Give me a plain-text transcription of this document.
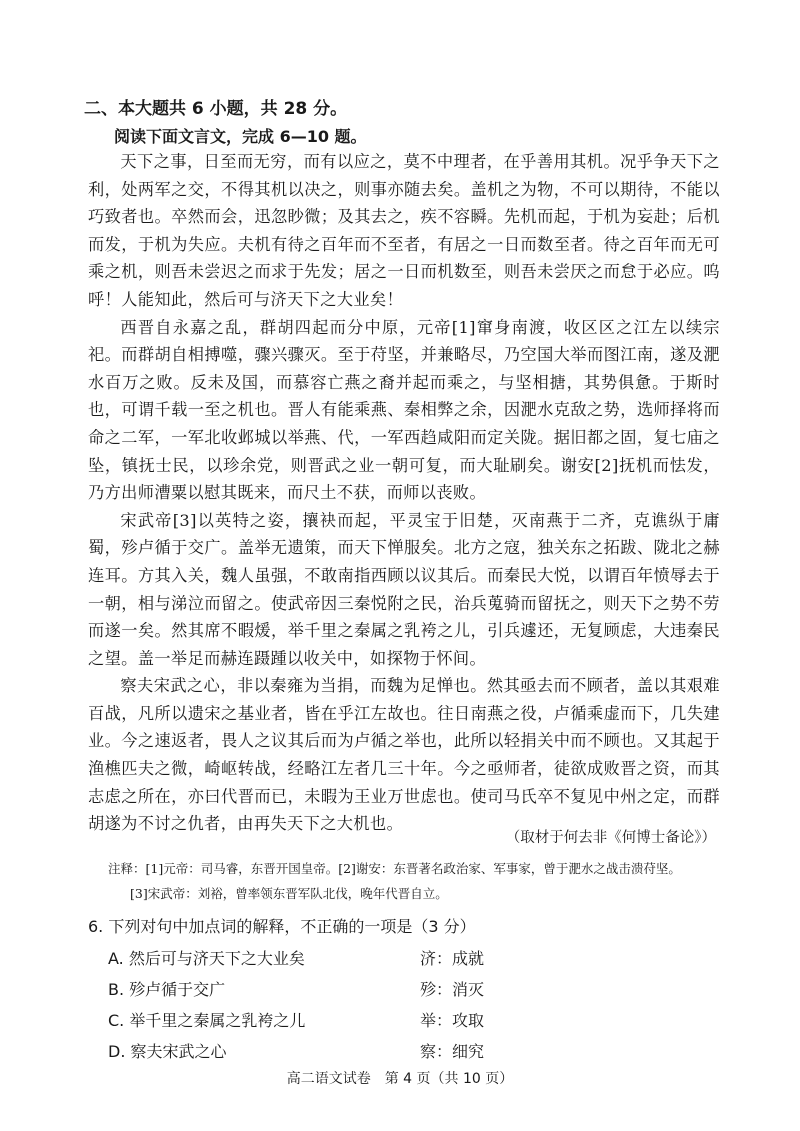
二、本大题共 6 小题，共 28 分。
阅读下面文言文，完成 6—10 题。

天下之事，日至而无穷，而有以应之，莫不中理者，在乎善用其机。况乎争天下之利，处两军之交，不得其机以决之，则事亦随去矣。盖机之为物，不可以期待，不能以巧致者也。卒然而会，迅忽眇微；及其去之，疾不容瞬。先机而起，于机为妄赴；后机而发，于机为失应。夫机有待之百年而不至者，有居之一日而数至者。待之百年而无可乘之机，则吾未尝迟之而求于先发；居之一日而机数至，则吾未尝厌之而怠于必应。呜呼！人能知此，然后可与济天下之大业矣！

西晋自永嘉之乱，群胡四起而分中原，元帝[1]窜身南渡，收区区之江左以续宗祀。而群胡自相搏噬，骤兴骤灭。至于苻坚，并兼略尽，乃空国大举而图江南，遂及淝水百万之败。反未及国，而慕容亡燕之裔并起而乘之，与坚相搪，其势俱惫。于斯时也，可谓千载一至之机也。晋人有能乘燕、秦相弊之余，因淝水克敌之势，选师择将而命之二军，一军北收邺城以举燕、代，一军西趋咸阳而定关陇。据旧都之固，复七庙之坠，镇抚士民，以珍余党，则晋武之业一朝可复，而大耻刷矣。谢安[2]抚机而怯发，乃方出师漕粟以慰其既来，而尺土不获，而师以丧败。

宋武帝[3]以英特之姿，攘袂而起，平灵宝于旧楚，灭南燕于二齐，克谯纵于庸蜀，殄卢循于交广。盖举无遗策，而天下惮服矣。北方之寇，独关东之拓跋、陇北之赫连耳。方其入关，魏人虽强，不敢南指西顾以议其后。而秦民大悦，以谓百年愤辱去于一朝，相与涕泣而留之。使武帝因三秦悦附之民，治兵蒐骑而留抚之，则天下之势不劳而遂一矣。然其席不暇煖，举千里之秦属之乳袴之儿，引兵遽还，无复顾虑，大违秦民之望。盖一举足而赫连蹑踵以收关中，如探物于怀间。

察夫宋武之心，非以秦雍为当捐，而魏为足惮也。然其亟去而不顾者，盖以其艰难百战，凡所以遗宋之基业者，皆在乎江左故也。往日南燕之役，卢循乘虚而下，几失建业。今之速返者，畏人之议其后而为卢循之举也，此所以轻捐关中而不顾也。又其起于渔樵匹夫之微，崎岖转战，经略江左者几三十年。今之亟师者，徒欲成败晋之资，而其志虑之所在，亦曰代晋而已，未暇为王业万世虑也。使司马氏卒不复见中州之定，而群胡遂为不讨之仇者，由再失天下之大机也。

（取材于何去非《何博士备论》）
注释：[1]元帝：司马睿，东晋开国皇帝。[2]谢安：东晋著名政治家、军事家，曾于淝水之战击溃苻坚。
[3]宋武帝：刘裕，曾率领东晋军队北伐，晚年代晋自立。
6. 下列对句中加点词的解释，不正确的一项是（3 分）
A. 然后可与济天下之大业矣	济：成就
B. 殄卢循于交广	殄：消灭
C. 举千里之秦属之乳袴之儿	举：攻取
D. 察夫宋武之心	察：细究
高二语文试卷　第 4 页（共 10 页）
